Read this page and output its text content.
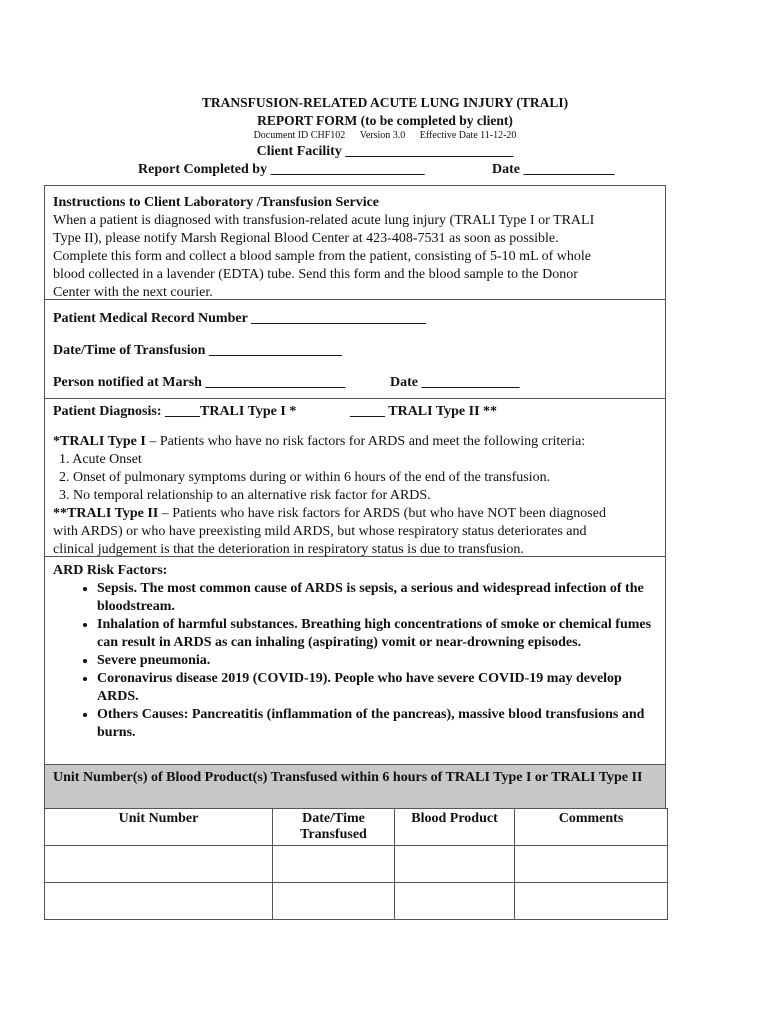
TRANSFUSION-RELATED ACUTE LUNG INJURY (TRALI)
REPORT FORM (to be completed by client)
Document ID CHF102 Version 3.0 Effective Date 11-12-20
Client Facility ________________________
Report Completed by ______________________	Date _____________
Instructions to Client Laboratory /Transfusion Service
When a patient is diagnosed with transfusion-related acute lung injury (TRALI Type I or TRALI
Type II), please notify Marsh Regional Blood Center at 423-408-7531 as soon as possible.
Complete this form and collect a blood sample from the patient, consisting of 5-10 mL of whole
blood collected in a lavender (EDTA) tube. Send this form and the blood sample to the Donor
Center with the next courier.
Patient Medical Record Number _________________________
Date/Time of Transfusion ___________________
Person notified at Marsh ____________________	Date ______________
Patient Diagnosis: _____TRALI Type I *	_____ TRALI Type II **
*TRALI Type I – Patients who have no risk factors for ARDS and meet the following criteria:
1. Acute Onset
2. Onset of pulmonary symptoms during or within 6 hours of the end of the transfusion.
3. No temporal relationship to an alternative risk factor for ARDS.
**TRALI Type II – Patients who have risk factors for ARDS (but who have NOT been diagnosed
with ARDS) or who have preexisting mild ARDS, but whose respiratory status deteriorates and
clinical judgement is that the deterioration in respiratory status is due to transfusion.
ARD Risk Factors:
• Sepsis. The most common cause of ARDS is sepsis, a serious and widespread infection of the bloodstream.
• Inhalation of harmful substances. Breathing high concentrations of smoke or chemical fumes can result in ARDS as can inhaling (aspirating) vomit or near-drowning episodes.
• Severe pneumonia.
• Coronavirus disease 2019 (COVID-19). People who have severe COVID-19 may develop ARDS.
• Others Causes: Pancreatitis (inflammation of the pancreas), massive blood transfusions and burns.
Unit Number(s) of Blood Product(s) Transfused within 6 hours of TRALI Type I or TRALI Type II
Unit Number	Date/Time Transfused	Blood Product	Comments
